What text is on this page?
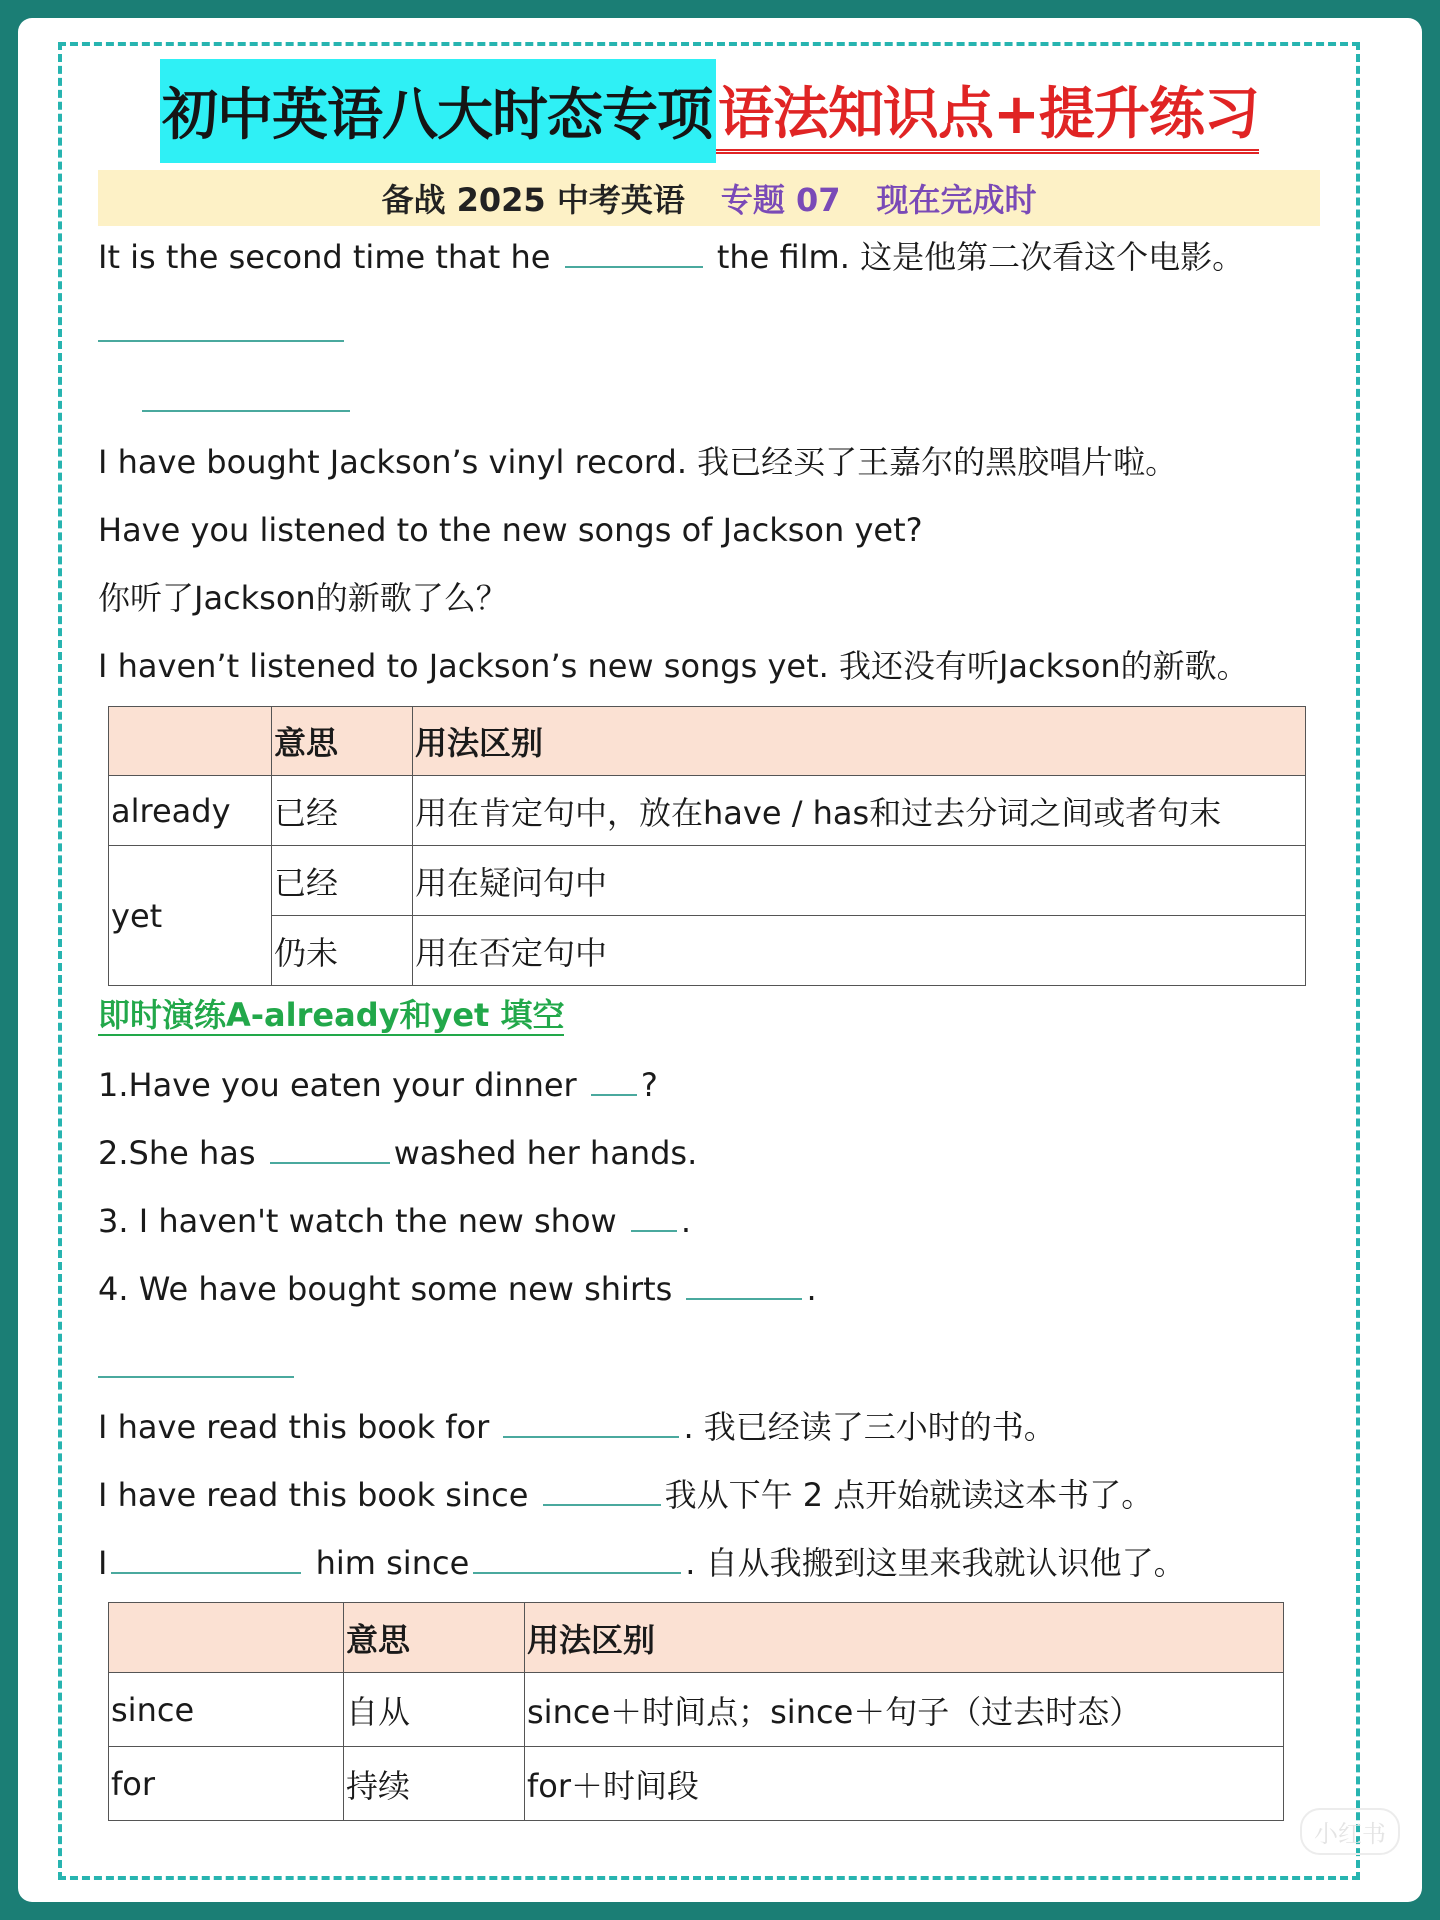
初中英语八大时态专项 语法知识点+提升练习
备战 2025 中考英语 专题 07 现在完成时
It is the second time that he	the film. 这是他第二次看这个电影。
I have bought Jackson’s vinyl record. 我已经买了王嘉尔的黑胶唱片啦。
Have you listened to the new songs of Jackson yet?
你听了Jackson的新歌了么？
I haven’t listened to Jackson’s new songs yet. 我还没有听Jackson的新歌。
	意思	用法区别
already	已经	用在肯定句中，放在have / has和过去分词之间或者句末
yet	已经	用在疑问句中
	仍未	用在否定句中
即时演练A-already和yet 填空
1.Have you eaten your dinner ?
2.She has	washed her hands.
3. I haven't watch the new show .
4. We have bought some new shirts	.
I have read this book for	. 我已经读了三小时的书。
I have read this book since	我从下午 2 点开始就读这本书了。
I	him since	. 自从我搬到这里来我就认识他了。
	意思	用法区别
since	自从	since＋时间点；since＋句子（过去时态）
for	持续	for＋时间段
小红书
